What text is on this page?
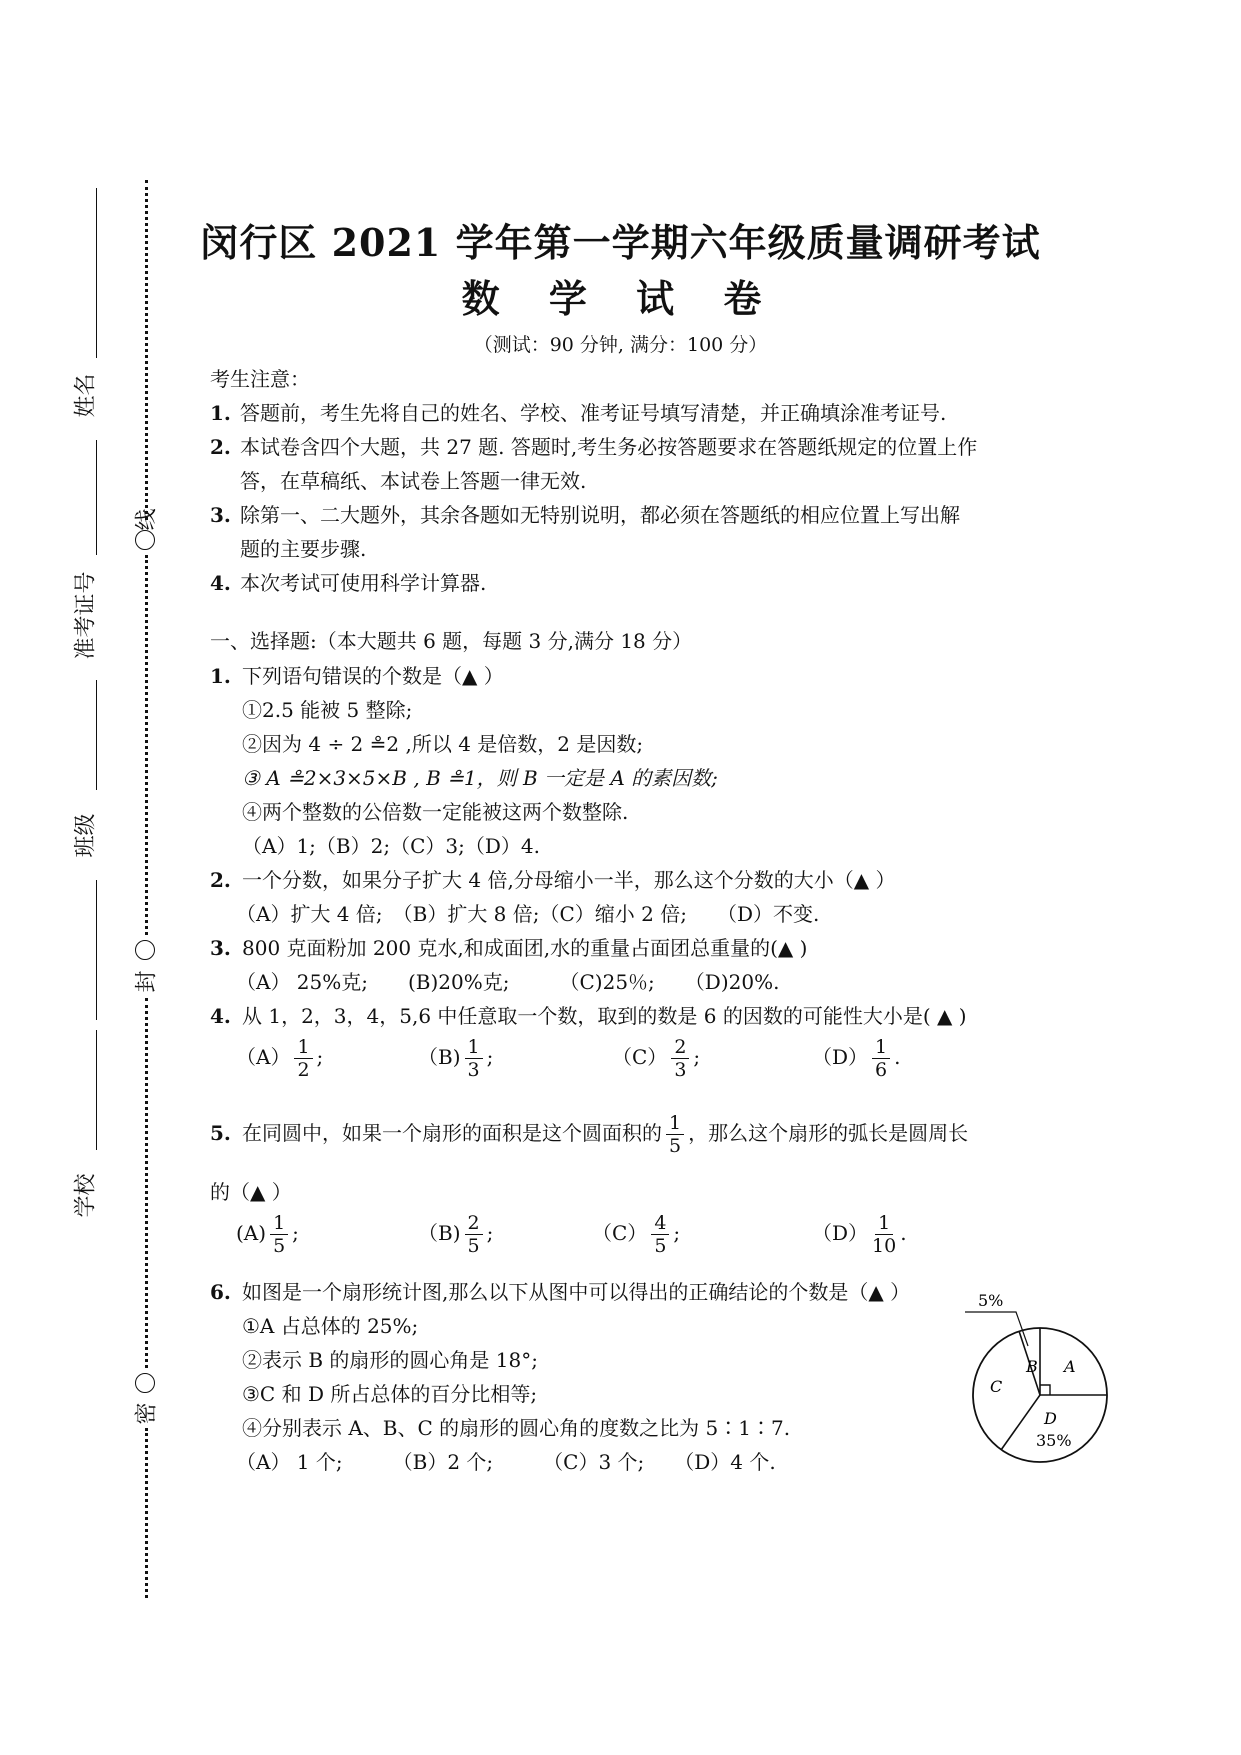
线
封
密
姓名
准考证号
班级
学校
闵行区 2021 学年第一学期六年级质量调研考试
数 学 试 卷
（测试：90 分钟, 满分：100 分）
考生注意：
1. 答题前，考生先将自己的姓名、学校、准考证号填写清楚，并正确填涂准考证号.
2. 本试卷含四个大题，共 27 题. 答题时,考生务必按答题要求在答题纸规定的位置上作
答，在草稿纸、本试卷上答题一律无效.
3. 除第一、二大题外，其余各题如无特别说明，都必须在答题纸的相应位置上写出解
题的主要步骤.
4. 本次考试可使用科学计算器.
一、选择题:（本大题共 6 题，每题 3 分,满分 18 分）
1. 下列语句错误的个数是（▲ ）
①2.5 能被 5 整除;
②因为 4 ÷ 2 ≗2 ,所以 4 是倍数，2 是因数;
③ A ≗2×3×5×B , B ≗1，则 B 一定是 A 的素因数;
④两个整数的公倍数一定能被这两个数整除.
（A）1;（B）2;（C）3;（D）4.
2. 一个分数，如果分子扩大 4 倍,分母缩小一半，那么这个分数的大小（▲ ）
（A）扩大 4 倍;　（B）扩大 8 倍;（C）缩小 2 倍;　　（D）不变.
3. 800 克面粉加 200 克水,和成面团,水的重量占面团总重量的(▲ )
（A） 25%克;　　(B)20%克;　　　（C)25％;　　（D)20%.
4. 从 1，2，3，4，5,6 中任意取一个数，取到的数是 6 的因数的可能性大小是( ▲ )
$(A) \frac{1}{2}$ ;	$(B) \frac{1}{3}$ ;	$(C) \frac{2}{3}$ ;	$(D) \frac{1}{6}$ .
5. 在同圆中，如果一个扇形的面积是这个圆面积的 $\frac{1}{5}$ ，那么这个扇形的弧长是圆周长
的（▲ ）
$(A) \frac{1}{5}$ ;	$(B) \frac{2}{5}$ ;	$(C) \frac{4}{5}$ ;	$(D) \frac{1}{10}$ .
6. 如图是一个扇形统计图,那么以下从图中可以得出的正确结论的个数是（▲ ）
①A 占总体的 25%;
②表示 B 的扇形的圆心角是 18°;
③C 和 D 所占总体的百分比相等;
④分别表示 A、B、C 的扇形的圆心角的度数之比为 5∶1∶7.
（A） 1 个;　　　（B）2 个;　　　（C）3 个;　　（D）4 个.
5%
B A
C
D
35%
